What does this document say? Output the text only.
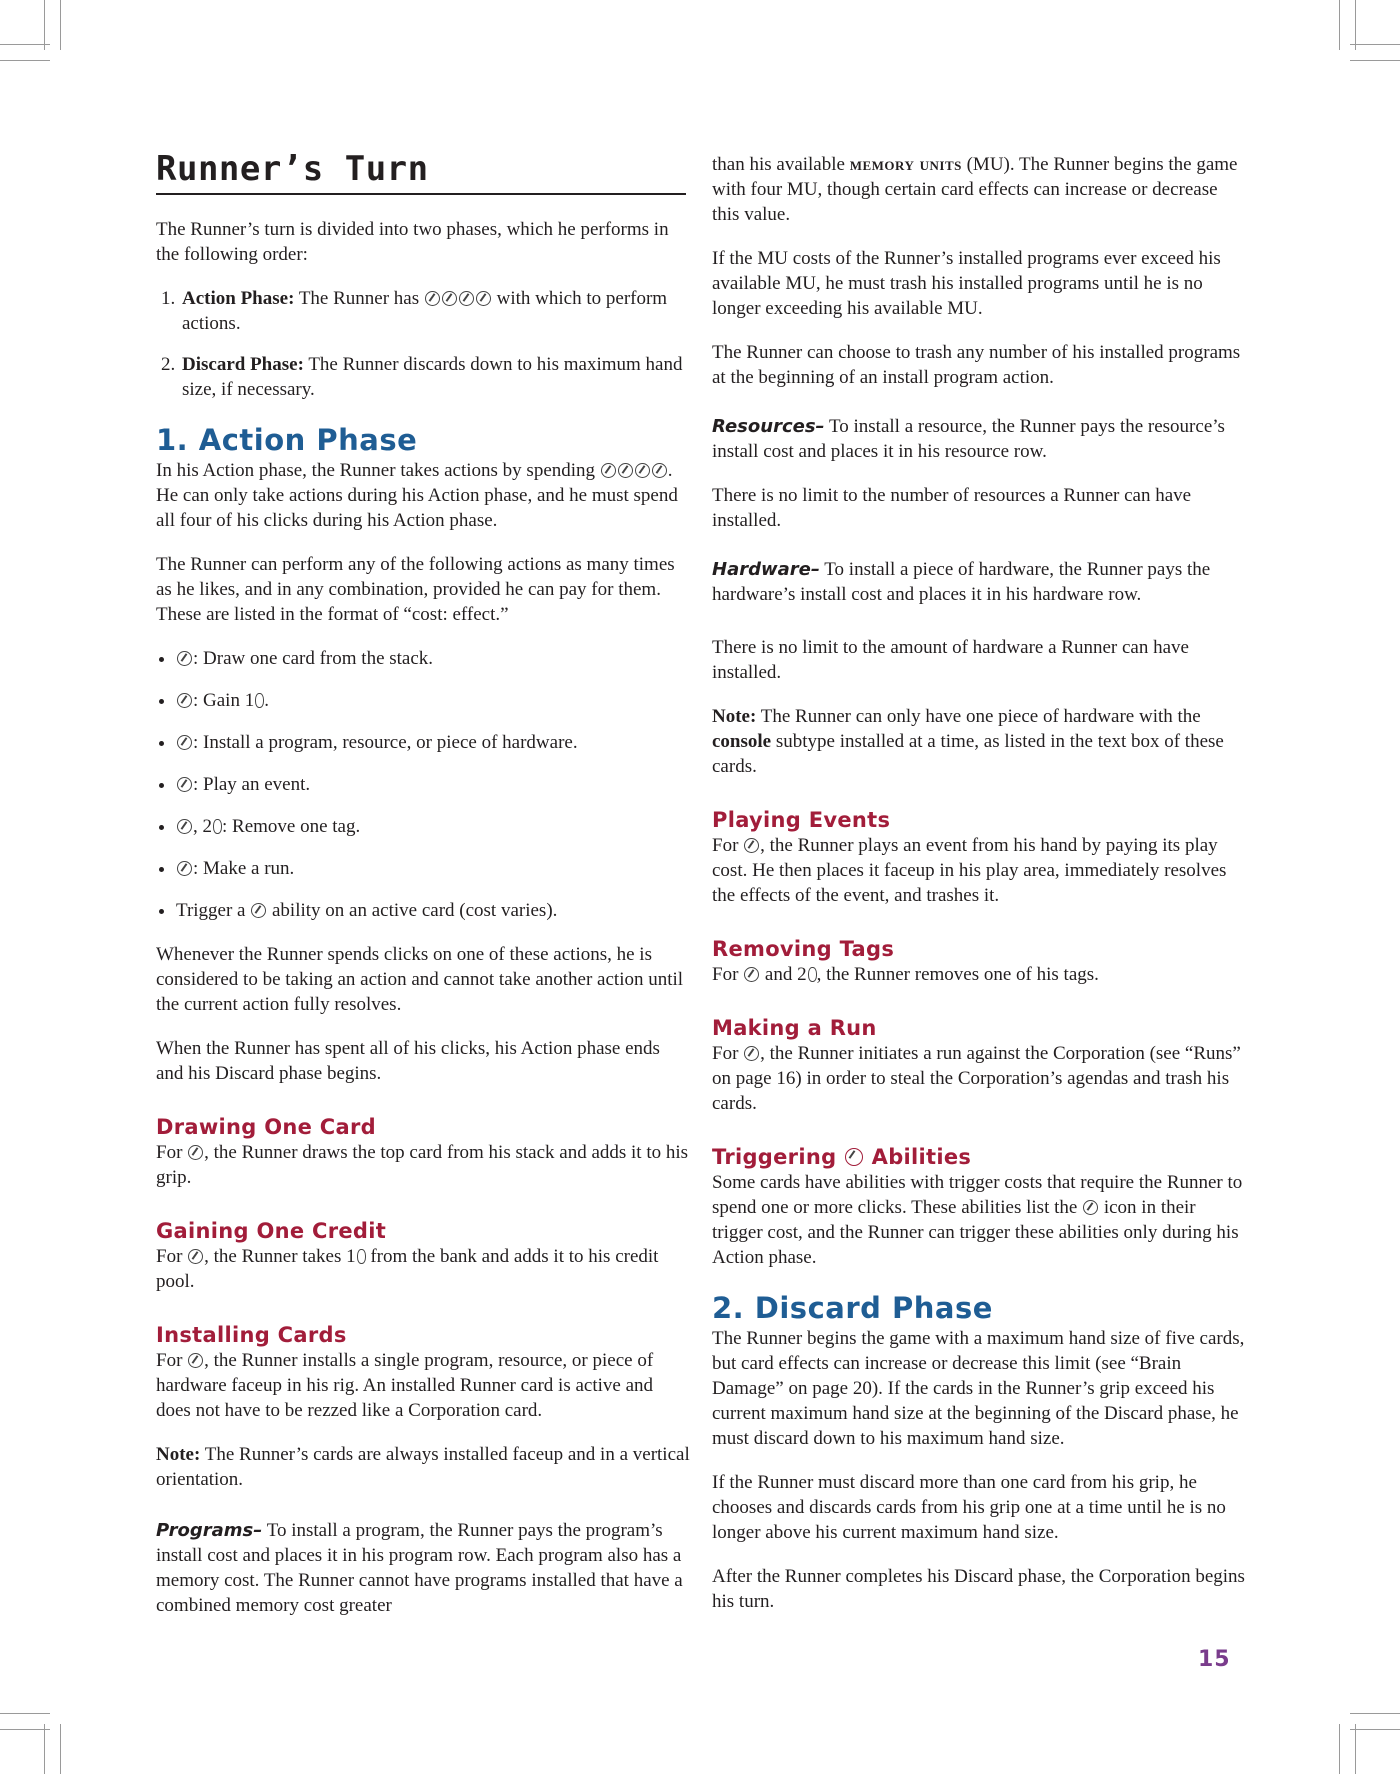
Runner’s Turn

The Runner’s turn is divided into two phases, which he performs in the following order:

1. Action Phase: The Runner has	with which to perform actions.
2. Discard Phase: The Runner discards down to his maximum hand size, if necessary.
1. Action Phase

In his Action phase, the Runner takes actions by spending	. He can only take actions during his Action phase, and he must spend all four of his clicks during his Action phase.

The Runner can perform any of the following actions as many times as he likes, and in any combination, provided he can pay for them. These are listed in the format of “cost: effect.”

• : Draw one card from the stack.
• : Gain 1 .
• : Install a program, resource, or piece of hardware.
• : Play an event.
• , 2 : Remove one tag.
• : Make a run.
• Trigger a ability on an active card (cost varies).

Whenever the Runner spends clicks on one of these actions, he is considered to be taking an action and cannot take another action until the current action fully resolves.

When the Runner has spent all of his clicks, his Action phase ends and his Discard phase begins.

Drawing One Card

For , the Runner draws the top card from his stack and adds it to his grip.

Gaining One Credit

For , the Runner takes 1 from the bank and adds it to his credit pool.

Installing Cards

For , the Runner installs a single program, resource, or piece of hardware faceup in his rig. An installed Runner card is active and does not have to be rezzed like a Corporation card.

Note: The Runner’s cards are always installed faceup and in a vertical orientation.

Programs– To install a program, the Runner pays the program’s install cost and places it in his program row. Each program also has a memory cost. The Runner cannot have programs installed that have a combined memory cost greater

than his available memory units (MU). The Runner begins the game with four MU, though certain card effects can increase or decrease this value.

If the MU costs of the Runner’s installed programs ever exceed his available MU, he must trash his installed programs until he is no longer exceeding his available MU.

The Runner can choose to trash any number of his installed programs at the beginning of an install program action.

Resources– To install a resource, the Runner pays the resource’s install cost and places it in his resource row.

There is no limit to the number of resources a Runner can have installed.

Hardware– To install a piece of hardware, the Runner pays the hardware’s install cost and places it in his hardware row.

There is no limit to the amount of hardware a Runner can have installed.

Note: The Runner can only have one piece of hardware with the console subtype installed at a time, as listed in the text box of these cards.

Playing Events

For , the Runner plays an event from his hand by paying its play cost. He then places it faceup in his play area, immediately resolves the effects of the event, and trashes it.

Removing Tags

For and 2 , the Runner removes one of his tags.

Making a Run

For , the Runner initiates a run against the Corporation (see “Runs” on page 16) in order to steal the Corporation’s agendas and trash his cards.

Triggering Abilities

Some cards have abilities with trigger costs that require the Runner to spend one or more clicks. These abilities list the icon in their trigger cost, and the Runner can trigger these abilities only during his Action phase.

2. Discard Phase

The Runner begins the game with a maximum hand size of five cards, but card effects can increase or decrease this limit (see “Brain Damage” on page 20). If the cards in the Runner’s grip exceed his current maximum hand size at the beginning of the Discard phase, he must discard down to his maximum hand size.

If the Runner must discard more than one card from his grip, he chooses and discards cards from his grip one at a time until he is no longer above his current maximum hand size.

After the Runner completes his Discard phase, the Corporation begins his turn.

15
